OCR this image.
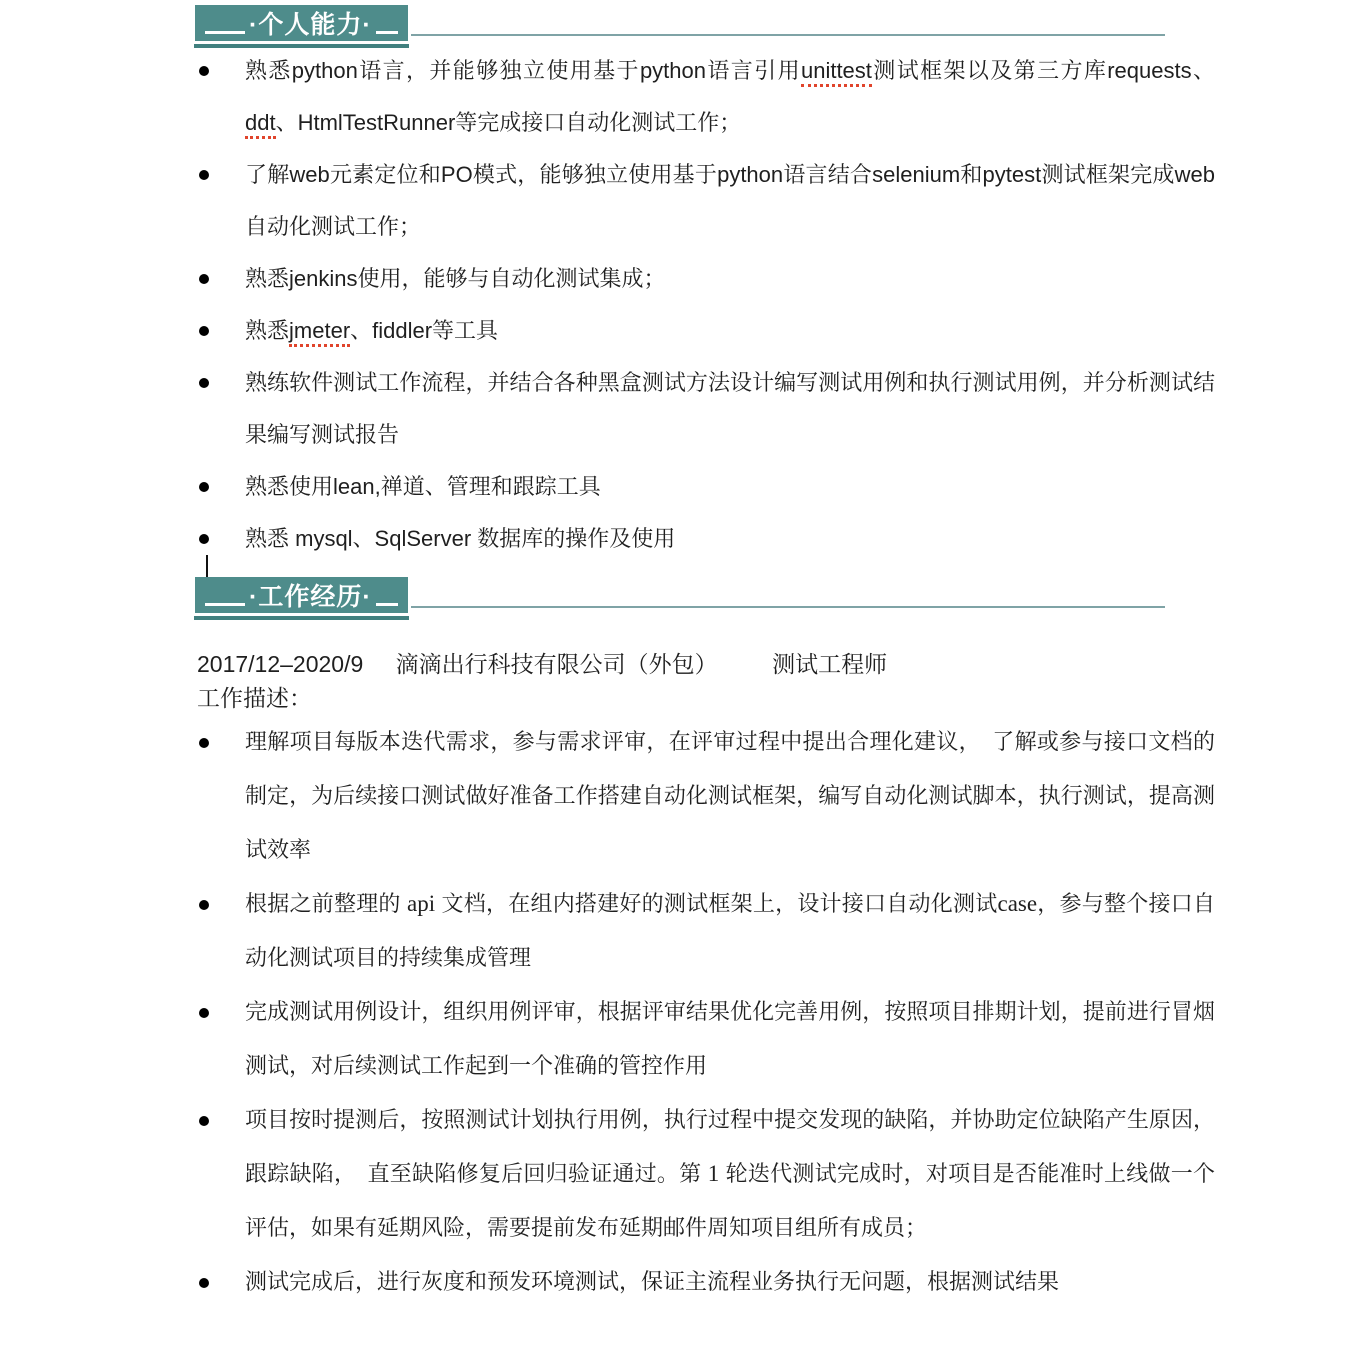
·个人能力·
熟悉python语言，并能够独立使用基于python语言引用unittest测试框架以及第三方库requests、ddt、HtmlTestRunner等完成接口自动化测试工作；
了解web元素定位和PO模式，能够独立使用基于python语言结合selenium和pytest测试框架完成web自动化测试工作；
熟悉jenkins使用，能够与自动化测试集成；
熟悉jmeter、fiddler等工具
熟练软件测试工作流程，并结合各种黑盒测试方法设计编写测试用例和执行测试用例，并分析测试结果编写测试报告
熟悉使用lean,禅道、管理和跟踪工具
熟悉 mysql、SqlServer 数据库的操作及使用
·工作经历·
2017/12–2020/9 滴滴出行科技有限公司（外包） 测试工程师
工作描述：
理解项目每版本迭代需求，参与需求评审，在评审过程中提出合理化建议，　了解或参与接口文档的制定，为后续接口测试做好准备工作搭建自动化测试框架，编写自动化测试脚本，执行测试，提高测试效率
根据之前整理的 api 文档，在组内搭建好的测试框架上，设计接口自动化测试case，参与整个接口自动化测试项目的持续集成管理
完成测试用例设计，组织用例评审，根据评审结果优化完善用例，按照项目排期计划，提前进行冒烟测试，对后续测试工作起到一个准确的管控作用
项目按时提测后，按照测试计划执行用例，执行过程中提交发现的缺陷，并协助定位缺陷产生原因，跟踪缺陷，　直至缺陷修复后回归验证通过。第 1 轮迭代测试完成时，对项目是否能准时上线做一个评估，如果有延期风险，需要提前发布延期邮件周知项目组所有成员；
测试完成后，进行灰度和预发环境测试，保证主流程业务执行无问题，根据测试结果
